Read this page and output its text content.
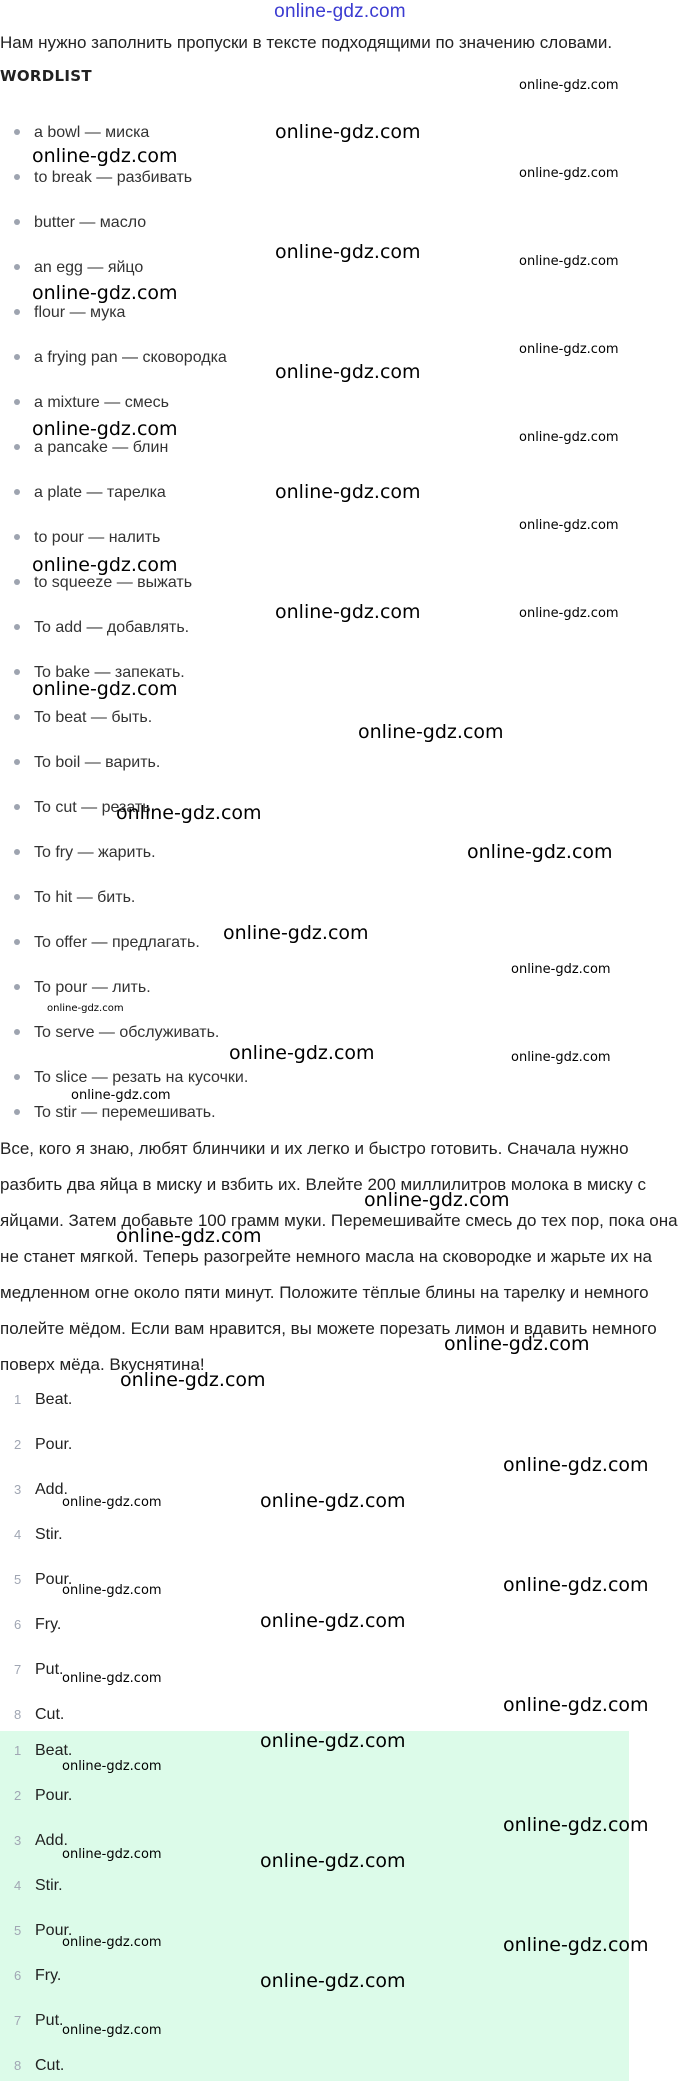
online-gdz.com
Нам нужно заполнить пропуски в тексте подходящими по значению словами.
WORDLIST
a bowl — миска
to break — разбивать
butter — масло
an egg — яйцо
flour — мука
a frying pan — сковородка
a mixture — смесь
a pancake — блин
a plate — тарелка
to pour — налить
to squeeze — выжать
To add — добавлять.
To bake — запекать.
To beat — быть.
To boil — варить.
To cut — резать.
To fry — жарить.
To hit — бить.
To offer — предлагать.
To pour — лить.
To serve — обслуживать.
To slice — резать на кусочки.
To stir — перемешивать.
Все, кого я знаю, любят блинчики и их легко и быстро готовить. Сначала нужно разбить два яйца в миску и взбить их. Влейте 200 миллилитров молока в миску с яйцами. Затем добавьте 100 грамм муки. Перемешивайте смесь до тех пор, пока она не станет мягкой. Теперь разогрейте немного масла на сковородке и жарьте их на медленном огне около пяти минут. Положите тёплые блины на тарелку и немного полейте мёдом. Если вам нравится, вы можете порезать лимон и вдавить немного поверх мёда. Вкуснятина!
1 Beat.
2 Pour.
3 Add.
4 Stir.
5 Pour.
6 Fry.
7 Put.
8 Cut.
1 Beat.
2 Pour.
3 Add.
4 Stir.
5 Pour.
6 Fry.
7 Put.
8 Cut.
online-gdz.com
online-gdz.com
online-gdz.com
online-gdz.com
online-gdz.com
online-gdz.com
online-gdz.com
online-gdz.com
online-gdz.com
online-gdz.com
online-gdz.com
online-gdz.com
online-gdz.com
online-gdz.com
online-gdz.com
online-gdz.com
online-gdz.com
online-gdz.com
online-gdz.com
online-gdz.com
online-gdz.com
online-gdz.com
online-gdz.com
online-gdz.com
online-gdz.com
online-gdz.com
online-gdz.com
online-gdz.com
online-gdz.com
online-gdz.com
online-gdz.com
online-gdz.com
online-gdz.com
online-gdz.com
online-gdz.com
online-gdz.com
online-gdz.com
online-gdz.com
online-gdz.com
online-gdz.com
online-gdz.com
online-gdz.com
online-gdz.com
online-gdz.com
online-gdz.com
online-gdz.com
online-gdz.com
